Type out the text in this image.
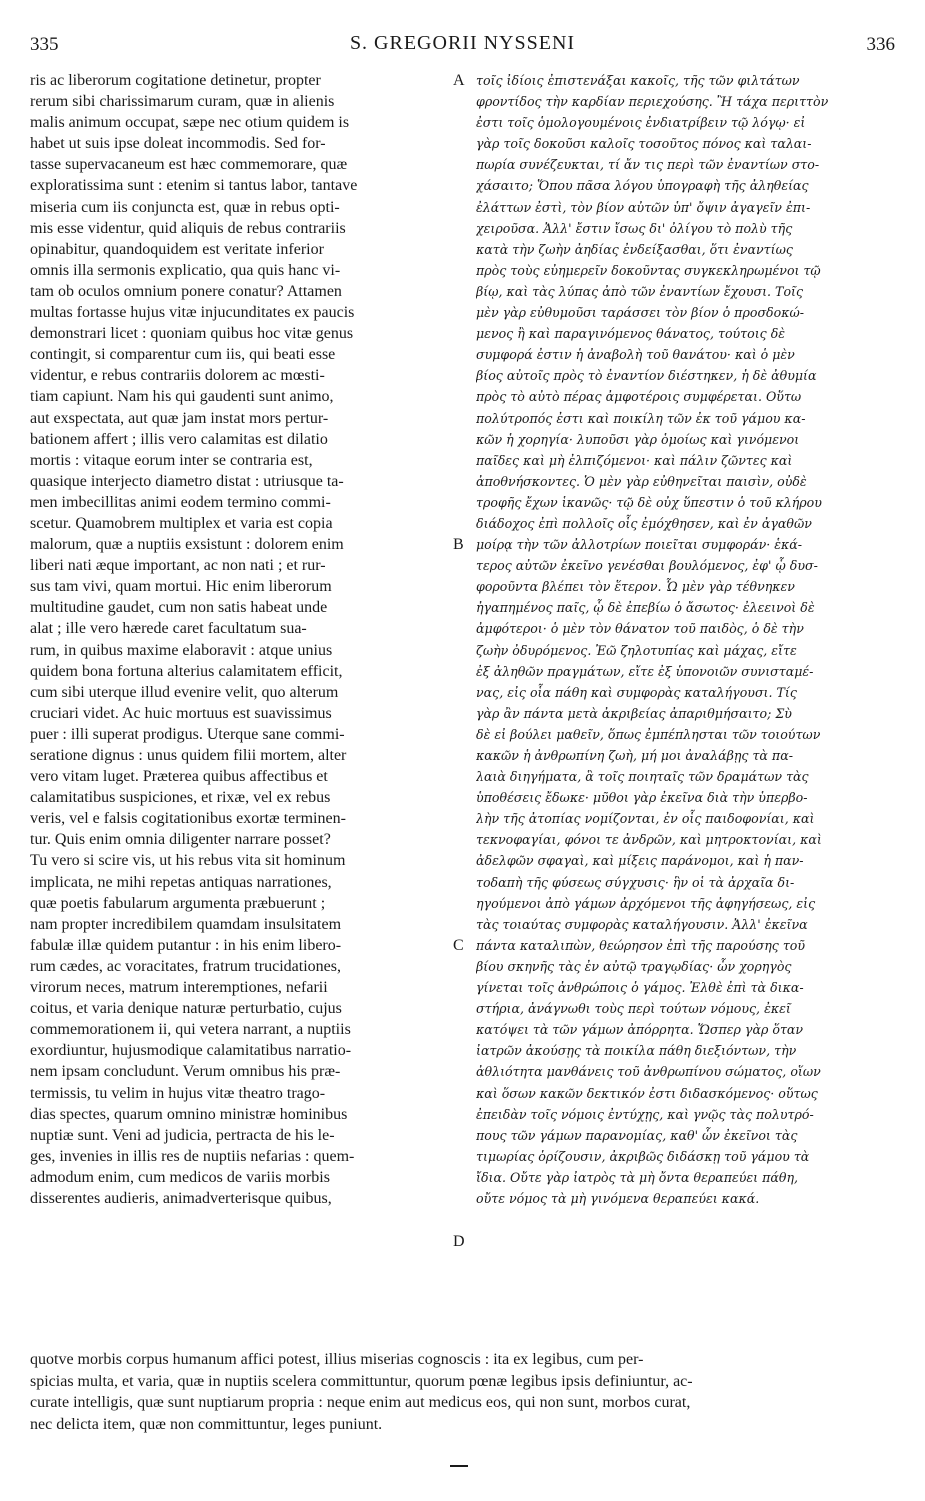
335	S. GREGORII NYSSENI	336
ris ac liberorum cogitatione detinetur, propter
rerum sibi charissimarum curam, quæ in alienis
malis animum occupat, sæpe nec otium quidem is
habet ut suis ipse doleat incommodis. Sed for-
tasse supervacaneum est hæc commemorare, quæ
exploratissima sunt : etenim si tantus labor, tantave
miseria cum iis conjuncta est, quæ in rebus opti-
mis esse videntur, quid aliquis de rebus contrariis
opinabitur, quandoquidem est veritate inferior
omnis illa sermonis explicatio, qua quis hanc vi-
tam ob oculos omnium ponere conatur? Attamen
multas fortasse hujus vitæ injucunditates ex paucis
demonstrari licet : quoniam quibus hoc vitæ genus
contingit, si comparentur cum iis, qui beati esse
videntur, e rebus contrariis dolorem ac mœsti-
tiam capiunt. Nam his qui gaudenti sunt animo,
aut exspectata, aut quæ jam instat mors pertur-
bationem affert ; illis vero calamitas est dilatio
mortis : vitaque eorum inter se contraria est,
quasique interjecto diametro distat : utriusque ta-
men imbecillitas animi eodem termino commi-
scetur. Quamobrem multiplex et varia est copia
malorum, quæ a nuptiis exsistunt : dolorem enim
liberi nati æque important, ac non nati ; et rur-
sus tam vivi, quam mortui. Hic enim liberorum
multitudine gaudet, cum non satis habeat unde
alat ; ille vero hærede caret facultatum sua-
rum, in quibus maxime elaboravit : atque unius
quidem bona fortuna alterius calamitatem efficit,
cum sibi uterque illud evenire velit, quo alterum
cruciari videt. Ac huic mortuus est suavissimus
puer : illi superat prodigus. Uterque sane commi-
seratione dignus : unus quidem filii mortem, alter
vero vitam luget. Præterea quibus affectibus et
calamitatibus suspiciones, et rixæ, vel ex rebus
veris, vel e falsis cogitationibus exortæ terminen-
tur. Quis enim omnia diligenter narrare posset?
Tu vero si scire vis, ut his rebus vita sit hominum
implicata, ne mihi repetas antiquas narrationes,
quæ poetis fabularum argumenta præbuerunt ;
nam propter incredibilem quamdam insulsitatem
fabulæ illæ quidem putantur : in his enim libero-
rum cædes, ac voracitates, fratrum trucidationes,
virorum neces, matrum interemptiones, nefarii
coitus, et varia denique naturæ perturbatio, cujus
commemorationem ii, qui vetera narrant, a nuptiis
exordiuntur, hujusmodique calamitatibus narratio-
nem ipsam concludunt. Verum omnibus his præ-
termissis, tu velim in hujus vitæ theatro trago-
dias spectes, quarum omnino ministræ hominibus
nuptiæ sunt. Veni ad judicia, pertracta de his le-
ges, invenies in illis res de nuptiis nefarias : quem-
admodum enim, cum medicos de variis morbis
disserentes audieris, animadverterisque quibus,
τοῖς ἰδίοις ἐπιστενάξαι κακοῖς, τῆς τῶν φιλτάτων
φροντίδος τὴν καρδίαν περιεχούσης. Ἢ τάχα περιττὸν
ἐστι τοῖς ὁμολογουμένοις ἐνδιατρίβειν τῷ λόγῳ· εἰ
γὰρ τοῖς δοκοῦσι καλοῖς τοσοῦτος πόνος καὶ ταλαι-
πωρία συνέζευκται, τί ἄν τις περὶ τῶν ἐναντίων στο-
χάσαιτο; Ὅπου πᾶσα λόγου ὑπογραφὴ τῆς ἀληθείας
ἐλάττων ἐστὶ, τὸν βίον αὐτῶν ὑπ' ὄψιν ἀγαγεῖν ἐπι-
χειροῦσα. Ἀλλ' ἔστιν ἴσως δι' ὀλίγου τὸ πολὺ τῆς
κατὰ τὴν ζωὴν ἀηδίας ἐνδείξασθαι, ὅτι ἐναντίως
πρὸς τοὺς εὐημερεῖν δοκοῦντας συγκεκληρωμένοι τῷ
βίῳ, καὶ τὰς λύπας ἀπὸ τῶν ἐναντίων ἔχουσι. Τοῖς
μὲν γὰρ εὐθυμοῦσι ταράσσει τὸν βίον ὁ προσδοκώ-
μενος ἢ καὶ παραγινόμενος θάνατος, τούτοις δὲ
συμφορά ἐστιν ἡ ἀναβολὴ τοῦ θανάτου· καὶ ὁ μὲν
βίος αὐτοῖς πρὸς τὸ ἐναντίον διέστηκεν, ἡ δὲ ἀθυμία
πρὸς τὸ αὐτὸ πέρας ἀμφοτέροις συμφέρεται. Οὕτω
πολύτροπός ἐστι καὶ ποικίλη τῶν ἐκ τοῦ γάμου κα-
κῶν ἡ χορηγία· λυποῦσι γὰρ ὁμοίως καὶ γινόμενοι
παῖδες καὶ μὴ ἐλπιζόμενοι· καὶ πάλιν ζῶντες καὶ
ἀποθνήσκοντες. Ὁ μὲν γὰρ εὐθηνεῖται παισὶν, οὐδὲ
τροφῆς ἔχων ἱκανῶς· τῷ δὲ οὐχ ὕπεστιν ὁ τοῦ κλήρου
διάδοχος ἐπὶ πολλοῖς οἷς ἐμόχθησεν, καὶ ἐν ἀγαθῶν
μοίρᾳ τὴν τῶν ἀλλοτρίων ποιεῖται συμφοράν· ἑκά-
τερος αὐτῶν ἐκεῖνο γενέσθαι βουλόμενος, ἐφ' ᾧ δυσ-
φοροῦντα βλέπει τὸν ἕτερον. Ὧ μὲν γὰρ τέθνηκεν
ἠγαπημένος παῖς, ᾧ δὲ ἐπεβίω ὁ ἄσωτος· ἐλεεινοὶ δὲ
ἀμφότεροι· ὁ μὲν τὸν θάνατον τοῦ παιδὸς, ὁ δὲ τὴν
ζωὴν ὀδυρόμενος. Ἐῶ ζηλοτυπίας καὶ μάχας, εἴτε
ἐξ ἀληθῶν πραγμάτων, εἴτε ἐξ ὑπονοιῶν συνισταμέ-
νας, εἰς οἷα πάθη καὶ συμφορὰς καταλήγουσι. Τίς
γὰρ ἂν πάντα μετὰ ἀκριβείας ἀπαριθμήσαιτο; Σὺ
δὲ εἰ βούλει μαθεῖν, ὅπως ἐμπέπλησται τῶν τοιούτων
κακῶν ἡ ἀνθρωπίνη ζωὴ, μή μοι ἀναλάβῃς τὰ πα-
λαιὰ διηγήματα, ἃ τοῖς ποιηταῖς τῶν δραμάτων τὰς
ὑποθέσεις ἔδωκε· μῦθοι γὰρ ἐκεῖνα διὰ τὴν ὑπερβο-
λὴν τῆς ἀτοπίας νομίζονται, ἐν οἷς παιδοφονίαι, καὶ
τεκνοφαγίαι, φόνοι τε ἀνδρῶν, καὶ μητροκτονίαι, καὶ
ἀδελφῶν σφαγαὶ, καὶ μίξεις παράνομοι, καὶ ἡ παν-
τοδαπὴ τῆς φύσεως σύγχυσις· ἣν οἱ τὰ ἀρχαῖα δι-
ηγούμενοι ἀπὸ γάμων ἀρχόμενοι τῆς ἀφηγήσεως, εἰς
τὰς τοιαύτας συμφορὰς καταλήγουσιν. Ἀλλ' ἐκεῖνα
πάντα καταλιπὼν, θεώρησον ἐπὶ τῆς παρούσης τοῦ
βίου σκηνῆς τὰς ἐν αὐτῷ τραγῳδίας· ὧν χορηγὸς
γίνεται τοῖς ἀνθρώποις ὁ γάμος. Ἐλθὲ ἐπὶ τὰ δικα-
στήρια, ἀνάγνωθι τοὺς περὶ τούτων νόμους, ἐκεῖ
κατόψει τὰ τῶν γάμων ἀπόρρητα. Ὥσπερ γὰρ ὅταν
ἰατρῶν ἀκούσῃς τὰ ποικίλα πάθη διεξιόντων, τὴν
ἀθλιότητα μανθάνεις τοῦ ἀνθρωπίνου σώματος, οἵων
καὶ ὅσων κακῶν δεκτικόν ἐστι διδασκόμενος· οὕτως
ἐπειδὰν τοῖς νόμοις ἐντύχῃς, καὶ γνῷς τὰς πολυτρό-
πους τῶν γάμων παρανομίας, καθ' ὧν ἐκεῖνοι τὰς
τιμωρίας ὁρίζουσιν, ἀκριβῶς διδάσκῃ τοῦ γάμου τὰ
ἴδια. Οὔτε γὰρ ἰατρὸς τὰ μὴ ὄντα θεραπεύει πάθη,
οὔτε νόμος τὰ μὴ γινόμενα θεραπεύει κακά.
A
B
C
D
quotve morbis corpus humanum affici potest, illius miserias cognoscis : ita ex legibus, cum per-
spicias multa, et varia, quæ in nuptiis scelera committuntur, quorum pœnæ legibus ipsis definiuntur, ac-
curate intelligis, quæ sunt nuptiarum propria : neque enim aut medicus eos, qui non sunt, morbos curat,
nec delicta item, quæ non committuntur, leges puniunt.
